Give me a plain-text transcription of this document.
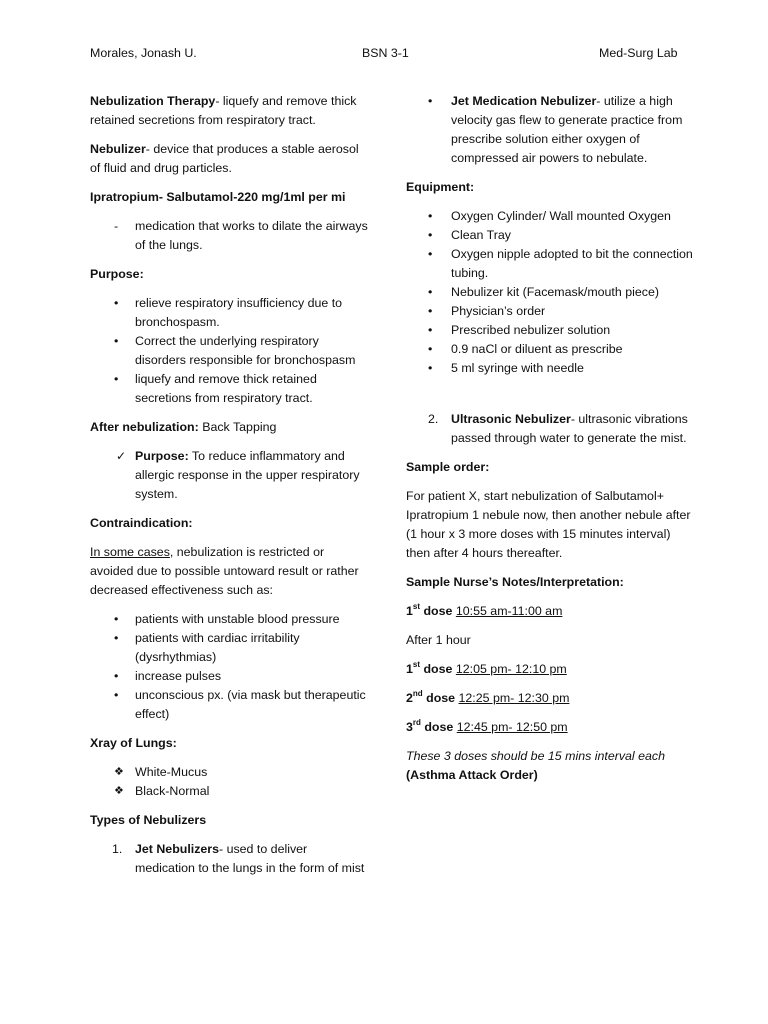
Morales, Jonash U.	BSN 3-1	Med-Surg Lab

Nebulization Therapy- liquefy and remove thick retained secretions from respiratory tract.

Nebulizer- device that produces a stable aerosol of fluid and drug particles.

Ipratropium- Salbutamol-220 mg/1ml per mi

-	medication that works to dilate the airways of the lungs.

Purpose:

•	relieve respiratory insufficiency due to bronchospasm.
•	Correct the underlying respiratory disorders responsible for bronchospasm
•	liquefy and remove thick retained secretions from respiratory tract.

After nebulization: Back Tapping

✓ Purpose: To reduce inflammatory and allergic response in the upper respiratory system.

Contraindication:

In some cases, nebulization is restricted or avoided due to possible untoward result or rather decreased effectiveness such as:

•	patients with unstable blood pressure
•	patients with cardiac irritability (dysrhythmias)
•	increase pulses
•	unconscious px. (via mask but therapeutic effect)

Xray of Lungs:

❖ White-Mucus
❖ Black-Normal

Types of Nebulizers

1.	Jet Nebulizers- used to deliver medication to the lungs in the form of mist
•	Jet Medication Nebulizer- utilize a high velocity gas flew to generate practice from prescribe solution either oxygen of compressed air powers to nebulate.

Equipment:

•	Oxygen Cylinder/ Wall mounted Oxygen
•	Clean Tray
•	Oxygen nipple adopted to bit the connection tubing.
•	Nebulizer kit (Facemask/mouth piece)
•	Physician’s order
•	Prescribed nebulizer solution
•	0.9 naCl or diluent as prescribe
•	5 ml syringe with needle
2.	Ultrasonic Nebulizer- ultrasonic vibrations passed through water to generate the mist.

Sample order:

For patient X, start nebulization of Salbutamol+ Ipratropium 1 nebule now, then another nebule after (1 hour x 3 more doses with 15 minutes interval) then after 4 hours thereafter.

Sample Nurse’s Notes/Interpretation:

1st dose 10:55 am-11:00 am

After 1 hour

1st dose 12:05 pm- 12:10 pm

2nd dose 12:25 pm- 12:30 pm

3rd dose 12:45 pm- 12:50 pm

These 3 doses should be 15 mins interval each
(Asthma Attack Order)
